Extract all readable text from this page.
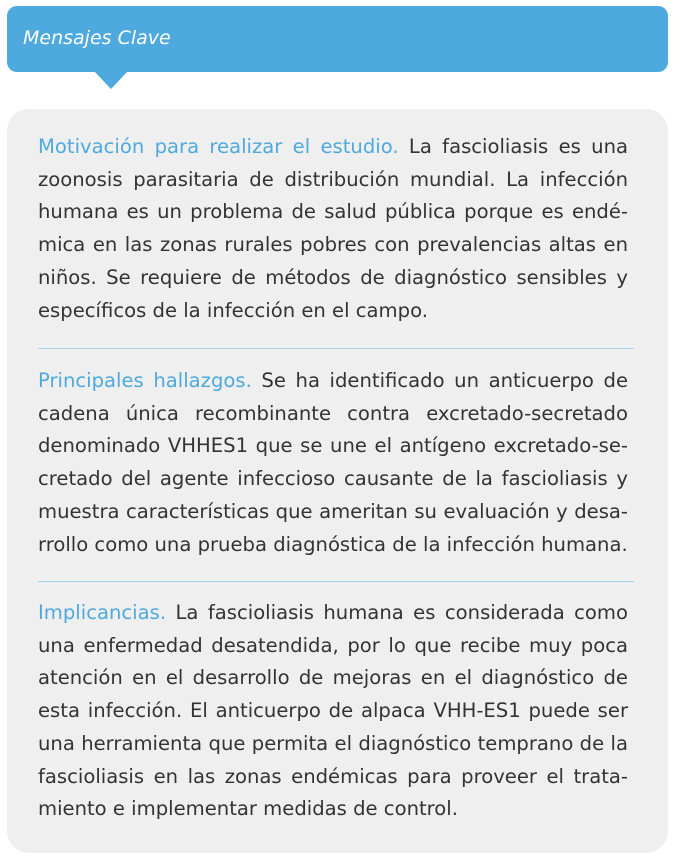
Mensajes Clave

Motivación para realizar el estudio. La fascioliasis es una zoonosis parasitaria de distribución mundial. La infección humana es un problema de salud pública porque es endémica en las zonas rurales pobres con prevalencias altas en niños. Se requiere de métodos de diagnóstico sensibles y específicos de la infección en el campo.

Principales hallazgos. Se ha identificado un anticuerpo de cadena única recombinante contra excretado-secretado denominado VHHES1 que se une el antígeno excretado-secretado del agente infeccioso causante de la fascioliasis y muestra características que ameritan su evaluación y desarrollo como una prueba diagnóstica de la infección humana.

Implicancias. La fascioliasis humana es considerada como una enfermedad desatendida, por lo que recibe muy poca atención en el desarrollo de mejoras en el diagnóstico de esta infección. El anticuerpo de alpaca VHH-ES1 puede ser una herramienta que permita el diagnóstico temprano de la fascioliasis en las zonas endémicas para proveer el tratamiento e implementar medidas de control.
